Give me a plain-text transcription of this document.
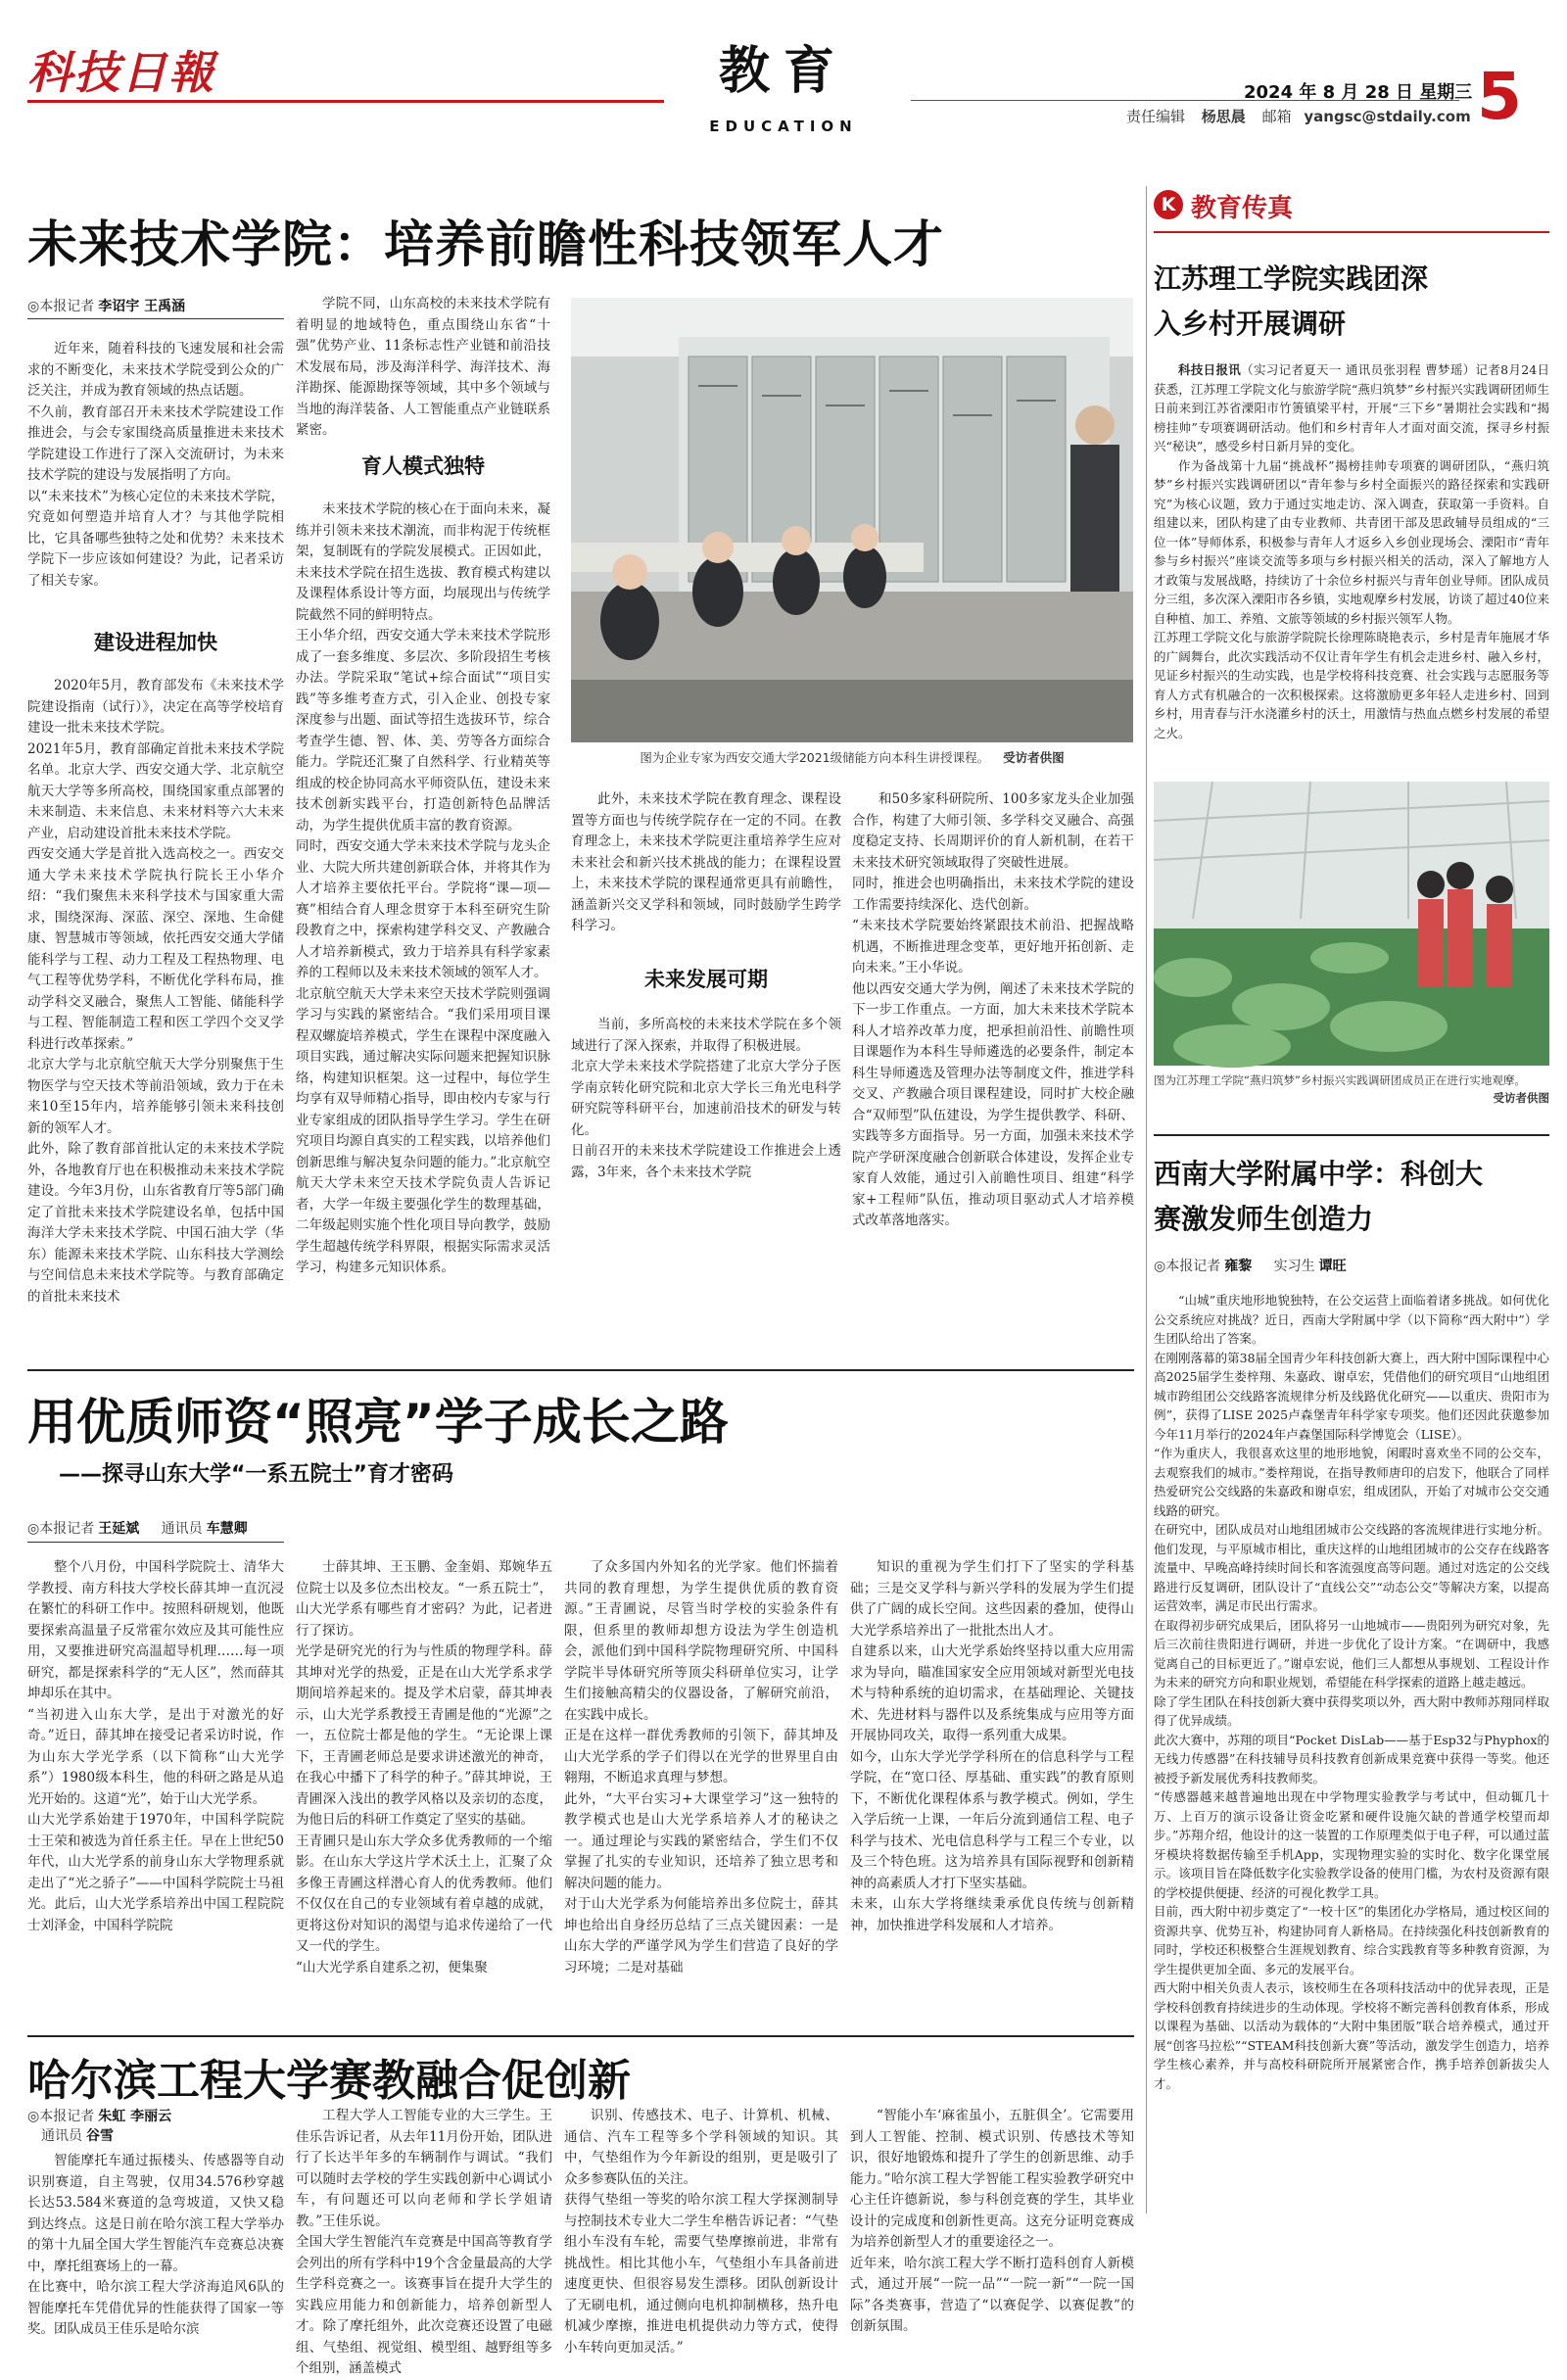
科技日報	教育
EDUCATION
2024 年 8 月 28 日 星期三
责任编辑 杨思晨 邮箱 yangsc@stdaily.com 5
未来技术学院：培养前瞻性科技领军人才
◎本报记者 李诏宇 王禹涵
近年来，随着科技的飞速发展和社会需求的不断变化，未来技术学院受到公众的广泛关注，并成为教育领域的热点话题。
不久前，教育部召开未来技术学院建设工作推进会，与会专家围绕高质量推进未来技术学院建设工作进行了深入交流研讨，为未来技术学院的建设与发展指明了方向。
以“未来技术”为核心定位的未来技术学院，究竟如何塑造并培育人才？与其他学院相比，它具备哪些独特之处和优势？未来技术学院下一步应该如何建设？为此，记者采访了相关专家。
建设进程加快
2020年5月，教育部发布《未来技术学院建设指南（试行）》，决定在高等学校培育建设一批未来技术学院。
2021年5月，教育部确定首批未来技术学院名单。北京大学、西安交通大学、北京航空航天大学等多所高校，围绕国家重点部署的未来制造、未来信息、未来材料等六大未来产业，启动建设首批未来技术学院。
西安交通大学是首批入选高校之一。西安交通大学未来技术学院执行院长王小华介绍：“我们聚焦未来科学技术与国家重大需求，围绕深海、深蓝、深空、深地、生命健康、智慧城市等领域，依托西安交通大学储能科学与工程、动力工程及工程热物理、电气工程等优势学科，不断优化学科布局，推动学科交叉融合，聚焦人工智能、储能科学与工程、智能制造工程和医工学四个交叉学科进行改革探索。”
北京大学与北京航空航天大学分别聚焦于生物医学与空天技术等前沿领域，致力于在未来10至15年内，培养能够引领未来科技创新的领军人才。
此外，除了教育部首批认定的未来技术学院外，各地教育厅也在积极推动未来技术学院建设。今年3月份，山东省教育厅等5部门确定了首批未来技术学院建设名单，包括中国海洋大学未来技术学院、中国石油大学（华东）能源未来技术学院、山东科技大学测绘与空间信息未来技术学院等。与教育部确定的首批未来技术
学院不同，山东高校的未来技术学院有着明显的地域特色，重点围绕山东省“十强”优势产业、11条标志性产业链和前沿技术发展布局，涉及海洋科学、海洋技术、海洋勘探、能源勘探等领域，其中多个领域与当地的海洋装备、人工智能重点产业链联系紧密。
育人模式独特
未来技术学院的核心在于面向未来，凝练并引领未来技术潮流，而非构泥于传统框架，复制既有的学院发展模式。正因如此，未来技术学院在招生选拔、教育模式构建以及课程体系设计等方面，均展现出与传统学院截然不同的鲜明特点。
王小华介绍，西安交通大学未来技术学院形成了一套多维度、多层次、多阶段招生考核办法。学院采取“笔试+综合面试”“项目实践”等多维考查方式，引入企业、创投专家深度参与出题、面试等招生选拔环节，综合考查学生德、智、体、美、劳等各方面综合能力。学院还汇聚了自然科学、行业精英等组成的校企协同高水平师资队伍，建设未来技术创新实践平台，打造创新特色品牌活动，为学生提供优质丰富的教育资源。
同时，西安交通大学未来技术学院与龙头企业、大院大所共建创新联合体，并将其作为人才培养主要依托平台。学院将“课—项—赛”相结合育人理念贯穿于本科至研究生阶段教育之中，探索构建学科交叉、产教融合人才培养新模式，致力于培养具有科学家素养的工程师以及未来技术领域的领军人才。
北京航空航天大学未来空天技术学院则强调学习与实践的紧密结合。“我们采用项目课程双螺旋培养模式，学生在课程中深度融入项目实践，通过解决实际问题来把握知识脉络，构建知识框架。这一过程中，每位学生均享有双导师精心指导，即由校内专家与行业专家组成的团队指导学生学习。学生在研究项目均源自真实的工程实践，以培养他们创新思维与解决复杂问题的能力。”北京航空航天大学未来空天技术学院负责人告诉记者，大学一年级主要强化学生的数理基础，二年级起则实施个性化项目导向教学，鼓励学生超越传统学科界限，根据实际需求灵活学习，构建多元知识体系。
图为企业专家为西安交通大学2021级储能方向本科生讲授课程。 受访者供图
此外，未来技术学院在教育理念、课程设置等方面也与传统学院存在一定的不同。在教育理念上，未来技术学院更注重培养学生应对未来社会和新兴技术挑战的能力；在课程设置上，未来技术学院的课程通常更具有前瞻性，涵盖新兴交叉学科和领域，同时鼓励学生跨学科学习。
未来发展可期
当前，多所高校的未来技术学院在多个领域进行了深入探索，并取得了积极进展。
北京大学未来技术学院搭建了北京大学分子医学南京转化研究院和北京大学长三角光电科学研究院等科研平台，加速前沿技术的研发与转化。
日前召开的未来技术学院建设工作推进会上透露，3年来，各个未来技术学院
和50多家科研院所、100多家龙头企业加强合作，构建了大师引领、多学科交叉融合、高强度稳定支持、长周期评价的育人新机制，在若干未来技术研究领域取得了突破性进展。
同时，推进会也明确指出，未来技术学院的建设工作需要持续深化、迭代创新。
“未来技术学院要始终紧跟技术前沿、把握战略机遇，不断推进理念变革，更好地开拓创新、走向未来。”王小华说。
他以西安交通大学为例，阐述了未来技术学院的下一步工作重点。一方面，加大未来技术学院本科人才培养改革力度，把承担前沿性、前瞻性项目课题作为本科生导师遴选的必要条件，制定本科生导师遴选及管理办法等制度文件，推进学科交叉、产教融合项目课程建设，同时扩大校企融合“双师型”队伍建设，为学生提供教学、科研、实践等多方面指导。另一方面，加强未来技术学院产学研深度融合创新联合体建设，发挥企业专家育人效能，通过引入前瞻性项目、组建“科学家+工程师”队伍，推动项目驱动式人才培养模式改革落地落实。
用优质师资“照亮”学子成长之路
——探寻山东大学“一系五院士”育才密码
◎本报记者 王延斌 通讯员 车慧卿
整个八月份，中国科学院院士、清华大学教授、南方科技大学校长薛其坤一直沉浸在繁忙的科研工作中。按照科研规划，他既要探索高温量子反常霍尔效应及其可能性应用，又要推进研究高温超导机理……每一项研究，都是探索科学的“无人区”，然而薛其坤却乐在其中。
“当初进入山东大学，是出于对激光的好奇。”近日，薛其坤在接受记者采访时说，作为山东大学光学系（以下简称“山大光学系”）1980级本科生，他的科研之路是从追光开始的。这道“光”，始于山大光学系。
山大光学系始建于1970年，中国科学院院士王荣和被选为首任系主任。早在上世纪50年代，山大光学系的前身山东大学物理系就走出了“光之骄子”——中国科学院院士马祖光。此后，山大光学系培养出中国工程院院士刘泽金，中国科学院院
士薛其坤、王玉鹏、金奎娟、郑婉华五位院士以及多位杰出校友。“一系五院士”，山大光学系有哪些育才密码？为此，记者进行了探访。
光学是研究光的行为与性质的物理学科。薛其坤对光学的热爱，正是在山大光学系求学期间培养起来的。提及学术启蒙，薛其坤表示，山大光学系教授王青圃是他的“光源”之一，五位院士都是他的学生。“无论课上课下，王青圃老师总是要求讲述激光的神奇，在我心中播下了科学的种子。”薛其坤说，王青圃深入浅出的教学风格以及亲切的态度，为他日后的科研工作奠定了坚实的基础。
王青圃只是山东大学众多优秀教师的一个缩影。在山东大学这片学术沃土上，汇聚了众多像王青圃这样潜心育人的优秀教师。他们不仅仅在自己的专业领域有着卓越的成就，更将这份对知识的渴望与追求传递给了一代又一代的学生。
“山大光学系自建系之初，便集聚
了众多国内外知名的光学家。他们怀揣着共同的教育理想，为学生提供优质的教育资源。”王青圃说，尽管当时学校的实验条件有限，但系里的教师却想方设法为学生创造机会，派他们到中国科学院物理研究所、中国科学院半导体研究所等顶尖科研单位实习，让学生们接触高精尖的仪器设备，了解研究前沿，在实践中成长。
正是在这样一群优秀教师的引领下，薛其坤及山大光学系的学子们得以在光学的世界里自由翱翔，不断追求真理与梦想。
此外，“大平台实习+大课堂学习”这一独特的教学模式也是山大光学系培养人才的秘诀之一。通过理论与实践的紧密结合，学生们不仅掌握了扎实的专业知识，还培养了独立思考和解决问题的能力。
对于山大光学系为何能培养出多位院士，薛其坤也给出自身经历总结了三点关键因素：一是山东大学的严谨学风为学生们营造了良好的学习环境；二是对基础
知识的重视为学生们打下了坚实的学科基础；三是交叉学科与新兴学科的发展为学生们提供了广阔的成长空间。这些因素的叠加，使得山大光学系培养出了一批批杰出人才。
自建系以来，山大光学系始终坚持以重大应用需求为导向，瞄准国家安全应用领域对新型光电技术与特种系统的迫切需求，在基础理论、关键技术、先进材料与器件以及系统集成与应用等方面开展协同攻关，取得一系列重大成果。
如今，山东大学光学学科所在的信息科学与工程学院，在“宽口径、厚基础、重实践”的教育原则下，不断优化课程体系与教学模式。例如，学生入学后统一上课，一年后分流到通信工程、电子科学与技术、光电信息科学与工程三个专业，以及三个特色班。这为培养具有国际视野和创新精神的高素质人才打下坚实基础。
未来，山东大学将继续秉承优良传统与创新精神，加快推进学科发展和人才培养。
哈尔滨工程大学赛教融合促创新
◎本报记者 朱虹 李丽云
通讯员 谷雪
智能摩托车通过振楼头、传感器等自动识别赛道，自主驾驶，仅用34.576秒穿越长达53.584米赛道的急弯坡道，又快又稳到达终点。这是日前在哈尔滨工程大学举办的第十九届全国大学生智能汽车竞赛总决赛中，摩托组赛场上的一幕。
在比赛中，哈尔滨工程大学济海追风6队的智能摩托车凭借优异的性能获得了国家一等奖。团队成员王佳乐是哈尔滨
工程大学人工智能专业的大三学生。王佳乐告诉记者，从去年11月份开始，团队进行了长达半年多的车辆制作与调试。“我们可以随时去学校的学生实践创新中心调试小车，有问题还可以向老师和学长学姐请教。”王佳乐说。
全国大学生智能汽车竞赛是中国高等教育学会列出的所有学科中19个含金量最高的大学生学科竞赛之一。该赛事旨在提升大学生的实践应用能力和创新能力，培养创新型人才。除了摩托组外，此次竞赛还设置了电磁组、气垫组、视觉组、模型组、越野组等多个组别，涵盖模式
识别、传感技术、电子、计算机、机械、通信、汽车工程等多个学科领域的知识。其中，气垫组作为今年新设的组别，更是吸引了众多参赛队伍的关注。
获得气垫组一等奖的哈尔滨工程大学探测制导与控制技术专业大二学生牟楷告诉记者：“气垫组小车没有车轮，需要气垫摩擦前进，非常有挑战性。相比其他小车，气垫组小车具备前进速度更快、但很容易发生漂移。团队创新设计了无刷电机，通过侧向电机抑制横移，热升电机减少摩擦，推进电机提供动力等方式，使得小车转向更加灵活。”
“智能小车‘麻雀虽小，五脏俱全’。它需要用到人工智能、控制、模式识别、传感技术等知识，很好地锻炼和提升了学生的创新思维、动手能力。”哈尔滨工程大学智能工程实验教学研究中心主任许德新说，参与科创竞赛的学生，其毕业设计的完成度和创新性更高。这充分证明竞赛成为培养创新型人才的重要途径之一。
近年来，哈尔滨工程大学不断打造科创育人新模式，通过开展“一院一品”“一院一新”“一院一国际”各类赛事，营造了“以赛促学、以赛促教”的创新氛围。
K 教育传真
江苏理工学院实践团深入乡村开展调研
科技日报讯（实习记者夏天一 通讯员张羽程 曹梦瑶）记者8月24日获悉，江苏理工学院文化与旅游学院“燕归筑梦”乡村振兴实践调研团师生日前来到江苏省溧阳市竹箦镇梁平村，开展“三下乡”暑期社会实践和“揭榜挂帅”专项赛调研活动。他们和乡村青年人才面对面交流，探寻乡村振兴“秘诀”，感受乡村日新月异的变化。
作为备战第十九届“挑战杯”揭榜挂帅专项赛的调研团队，“燕归筑梦”乡村振兴实践调研团以“青年参与乡村全面振兴的路径探索和实践研究”为核心议题，致力于通过实地走访、深入调查，获取第一手资料。自组建以来，团队构建了由专业教师、共青团干部及思政辅导员组成的“三位一体”导师体系，积极参与青年人才返乡入乡创业现场会、溧阳市“青年参与乡村振兴”座谈交流等多项与乡村振兴相关的活动，深入了解地方人才政策与发展战略，持续访了十余位乡村振兴与青年创业导师。团队成员分三组，多次深入溧阳市各乡镇，实地观摩乡村发展，访谈了超过40位来自种植、加工、养殖、文旅等领域的乡村振兴领军人物。
江苏理工学院文化与旅游学院院长徐理陈晓艳表示，乡村是青年施展才华的广阔舞台，此次实践活动不仅让青年学生有机会走进乡村、融入乡村，见证乡村振兴的生动实践，也是学校将科技竞赛、社会实践与志愿服务等育人方式有机融合的一次积极探索。这将激励更多年轻人走进乡村、回到乡村，用青春与汗水浇灌乡村的沃土，用激情与热血点燃乡村发展的希望之火。
图为江苏理工学院“燕归筑梦”乡村振兴实践调研团成员正在进行实地观摩。
受访者供图
西南大学附属中学：科创大赛激发师生创造力
◎本报记者 雍黎 实习生 谭旺
“山城”重庆地形地貌独特，在公交运营上面临着诸多挑战。如何优化公交系统应对挑战？近日，西南大学附属中学（以下简称“西大附中”）学生团队给出了答案。
在刚刚落幕的第38届全国青少年科技创新大赛上，西大附中国际课程中心高2025届学生娄梓翔、朱嘉政、谢卓宏，凭借他们的研究项目“山地组团城市跨组团公交线路客流规律分析及线路优化研究——以重庆、贵阳市为例”，获得了LISE 2025卢森堡青年科学家专项奖。他们还因此获邀参加今年11月举行的2024年卢森堡国际科学博览会（LISE）。
“作为重庆人，我很喜欢这里的地形地貌，闲暇时喜欢坐不同的公交车，去观察我们的城市。”娄梓翔说，在指导教师唐印的启发下，他联合了同样热爱研究公交线路的朱嘉政和谢卓宏，组成团队，开始了对城市公交交通线路的研究。
在研究中，团队成员对山地组团城市公交线路的客流规律进行实地分析。他们发现，与平原城市相比，重庆这样的山地组团城市的公交存在线路客流量中、早晚高峰持续时间长和客流强度高等问题。通过对选定的公交线路进行反复调研，团队设计了“直线公交”“动态公交”等解决方案，以提高运营效率，满足市民出行需求。
在取得初步研究成果后，团队将另一山地城市——贵阳列为研究对象，先后三次前往贵阳进行调研，并进一步优化了设计方案。“在调研中，我感觉离自己的目标更近了。”谢卓宏说，他们三人都想从事规划、工程设计作为未来的研究方向和职业规划，希望能在科学探索的道路上越走越远。
除了学生团队在科技创新大赛中获得奖项以外，西大附中教师苏翔同样取得了优异成绩。
此次大赛中，苏翔的项目“Pocket DisLab——基于Esp32与Phyphox的无线力传感器”在科技辅导员科技教育创新成果竞赛中获得一等奖。他还被授予新发展优秀科技教师奖。
“传感器越来越普遍地出现在中学物理实验教学与考试中，但动辄几十万、上百万的演示设备让资金吃紧和硬件设施欠缺的普通学校望而却步。”苏翔介绍，他设计的这一装置的工作原理类似于电子秤，可以通过蓝牙模块将数据传输至手机App，实现物理实验的实时化、数字化课堂展示。该项目旨在降低数字化实验教学设备的使用门槛，为农村及资源有限的学校提供便捷、经济的可视化教学工具。
目前，西大附中初步奠定了“一校十区”的集团化办学格局，通过校区间的资源共享、优势互补，构建协同育人新格局。在持续强化科技创新教育的同时，学校还积极整合生涯规划教育、综合实践教育等多种教育资源，为学生提供更加全面、多元的发展平台。
西大附中相关负责人表示，该校师生在各项科技活动中的优异表现，正是学校科创教育持续进步的生动体现。学校将不断完善科创教育体系，形成以课程为基础、以活动为载体的“大附中集团版”联合培养模式，通过开展“创客马拉松”“STEAM科技创新大赛”等活动，激发学生创造力，培养学生核心素养，并与高校科研院所开展紧密合作，携手培养创新拔尖人才。
